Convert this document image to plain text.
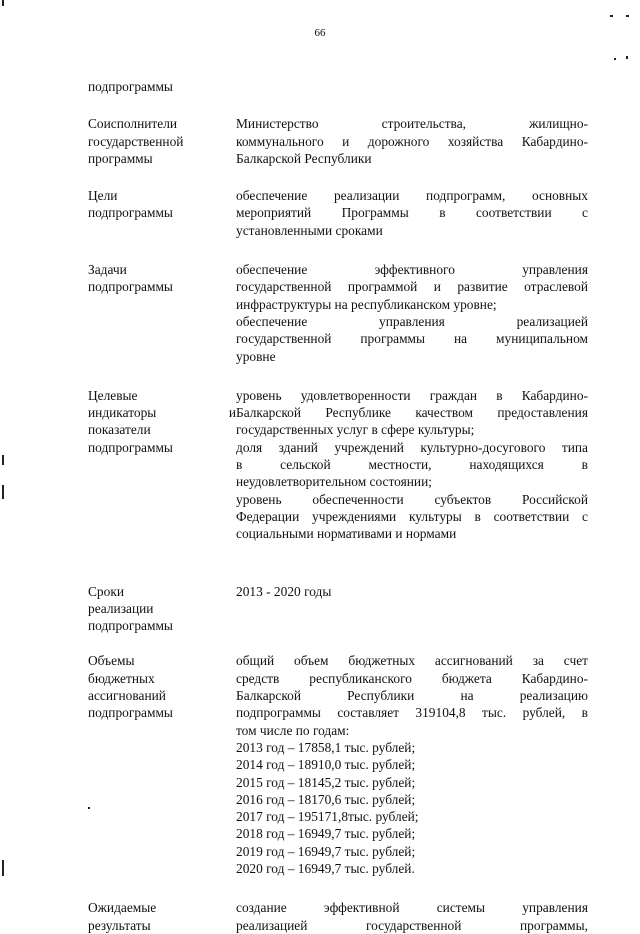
66
подпрограммы
Соисполнители
государственной
программы
Министерство строительства, жилищно-
коммунального и дорожного хозяйства Кабардино-
Балкарской Республики
Цели
подпрограммы
обеспечение реализации подпрограмм, основных
мероприятий Программы в соответствии с
установленными сроками
Задачи
подпрограммы
обеспечение эффективного управления
государственной программой и развитие отраслевой
инфраструктуры на республиканском уровне;
обеспечение управления реализацией
государственной программы на муниципальном
уровне
Целевые
индикаторы и
показатели
подпрограммы
уровень удовлетворенности граждан в Кабардино-
Балкарской Республике качеством предоставления
государственных услуг в сфере культуры;
доля зданий учреждений культурно-досугового типа
в сельской местности, находящихся в
неудовлетворительном состоянии;
уровень обеспеченности субъектов Российской
Федерации учреждениями культуры в соответствии с
социальными нормативами и нормами
Сроки
реализации
подпрограммы
2013 - 2020 годы
Объемы
бюджетных
ассигнований
подпрограммы
общий объем бюджетных ассигнований за счет
средств республиканского бюджета Кабардино-
Балкарской Республики на реализацию
подпрограммы составляет 319104,8 тыс. рублей, в
том числе по годам:
2013 год – 17858,1 тыс. рублей;
2014 год – 18910,0 тыс. рублей;
2015 год – 18145,2 тыс. рублей;
2016 год – 18170,6 тыс. рублей;
2017 год – 195171,8тыс. рублей;
2018 год – 16949,7 тыс. рублей;
2019 год – 16949,7 тыс. рублей;
2020 год – 16949,7 тыс. рублей.
Ожидаемые
результаты
создание эффективной системы управления
реализацией государственной программы,
